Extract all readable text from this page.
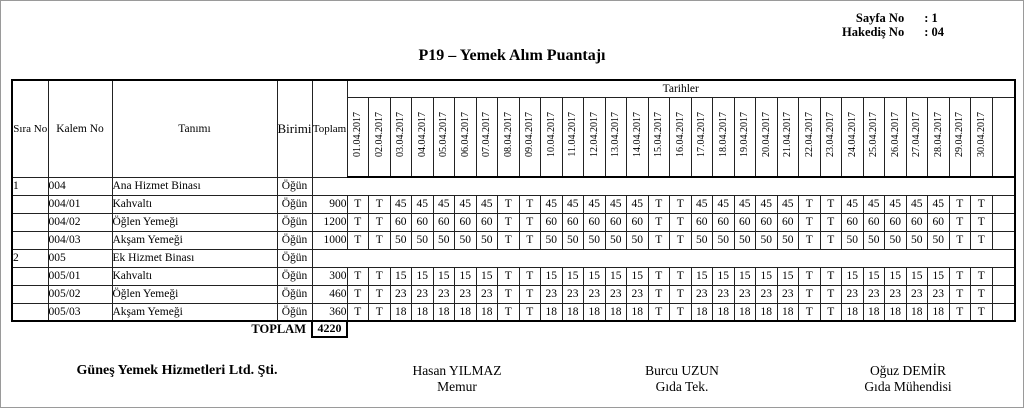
Sayfa No : 1
Hakediş No : 04
P19 – Yemek Alım Puantajı
Sıra No	Kalem No	Tanımı	Birimi	Toplam	Tarihler																														
					01.04.2017	02.04.2017	03.04.2017	04.04.2017	05.04.2017	06.04.2017	07.04.2017	08.04.2017	09.04.2017	10.04.2017	11.04.2017	12.04.2017	13.04.2017	14.04.2017	15.04.2017	16.04.2017	17.04.2017	18.04.2017	19.04.2017	20.04.2017	21.04.2017	22.04.2017	23.04.2017	24.04.2017	25.04.2017	26.04.2017	27.04.2017	28.04.2017	29.04.2017	30.04.2017	
1	004	Ana Hizmet Binası	Öğün																																
	004/01	Kahvaltı	Öğün	900	T	T	45	45	45	45	45	T	T	45	45	45	45	45	T	T	45	45	45	45	45	T	T	45	45	45	45	45	T	T	
	004/02	Öğlen Yemeği	Öğün	1200	T	T	60	60	60	60	60	T	T	60	60	60	60	60	T	T	60	60	60	60	60	T	T	60	60	60	60	60	T	T	
	004/03	Akşam Yemeği	Öğün	1000	T	T	50	50	50	50	50	T	T	50	50	50	50	50	T	T	50	50	50	50	50	T	T	50	50	50	50	50	T	T	
2	005	Ek Hizmet Binası	Öğün																																
	005/01	Kahvaltı	Öğün	300	T	T	15	15	15	15	15	T	T	15	15	15	15	15	T	T	15	15	15	15	15	T	T	15	15	15	15	15	T	T	
	005/02	Öğlen Yemeği	Öğün	460	T	T	23	23	23	23	23	T	T	23	23	23	23	23	T	T	23	23	23	23	23	T	T	23	23	23	23	23	T	T	
	005/03	Akşam Yemeği	Öğün	360	T	T	18	18	18	18	18	T	T	18	18	18	18	18	T	T	18	18	18	18	18	T	T	18	18	18	18	18	T	T	
TOPLAM 4220
Güneş Yemek Hizmetleri Ltd. Şti.	Hasan YILMAZ
Memur
Burcu UZUN
Gıda Tek.
Oğuz DEMİR
Gıda Mühendisi
